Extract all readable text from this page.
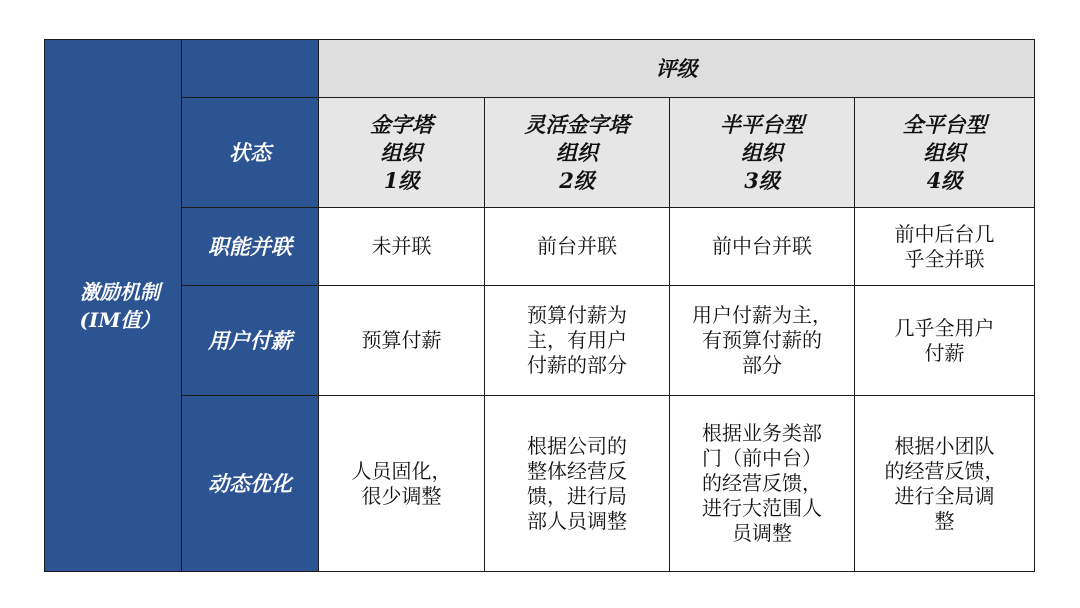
激励机制
(IM值）		评级			
	状态	金字塔
组织
1级	灵活金字塔
组织
2级	半平台型
组织
3级	全平台型
组织
4级

	职能并联	未并联	前台并联	前中台并联	前中后台几
乎全并联

	用户付薪	预算付薪	预算付薪为
主，有用户
付薪的部分	用户付薪为主，
有预算付薪的
部分	几乎全用户
付薪

	动态优化	人员固化，
很少调整	根据公司的
整体经营反
馈，进行局
部人员调整	根据业务类部
门（前中台）
的经营反馈，
进行大范围人
员调整	根据小团队
的经营反馈，
进行全局调
整
